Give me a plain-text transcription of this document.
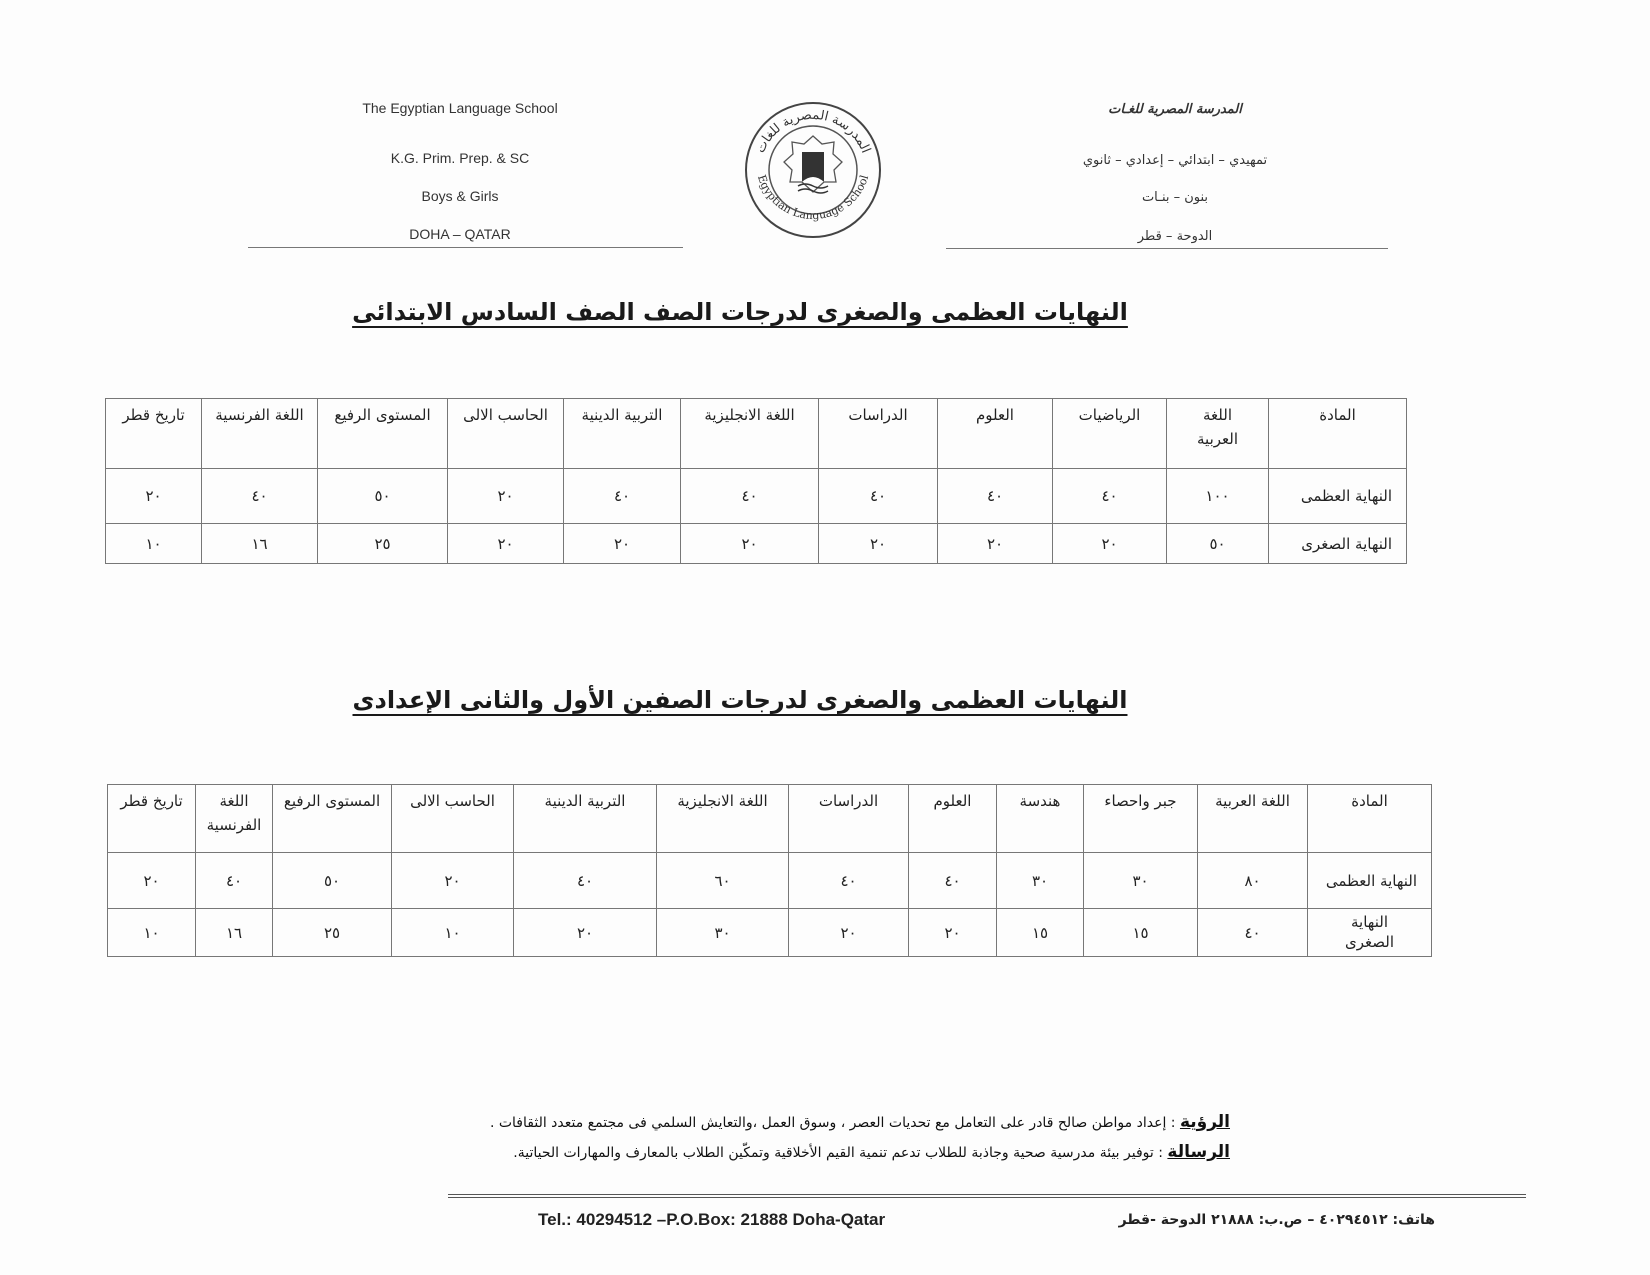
The Egyptian Language School
K.G. Prim. Prep. & SC
Boys & Girls
DOHA – QATAR
المدرسة المصرية للغـات
تمهيدي – ابتدائي – إعدادي – ثانوي
بنون – بنـات
الدوحة – قطر
المدرسة المصرية للغات
Egyptian Language School
النهايات العظمى والصغرى لدرجات الصف الصف السادس الابتدائى
المادة	اللغة العربية	الرياضيات	العلوم	الدراسات	اللغة الانجليزية	التربية الدينية	الحاسب الالى	المستوى الرفيع	اللغة الفرنسية	تاريخ قطر
النهاية العظمى	١٠٠	٤٠	٤٠	٤٠	٤٠	٤٠	٢٠	٥٠	٤٠	٢٠
النهاية الصغرى	٥٠	٢٠	٢٠	٢٠	٢٠	٢٠	٢٠	٢٥	١٦	١٠
النهايات العظمى والصغرى لدرجات الصفين الأول والثانى الإعدادى
المادة	اللغة العربية	جبر واحصاء	هندسة	العلوم	الدراسات	اللغة الانجليزية	التربية الدينية	الحاسب الالى	المستوى الرفيع	اللغة الفرنسية	تاريخ قطر
النهاية العظمى	٨٠	٣٠	٣٠	٤٠	٤٠	٦٠	٤٠	٢٠	٥٠	٤٠	٢٠
النهاية الصغرى	٤٠	١٥	١٥	٢٠	٢٠	٣٠	٢٠	١٠	٢٥	١٦	١٠
الرؤية : إعداد مواطن صالح قادر على التعامل مع تحديات العصر ، وسوق العمل ،والتعايش السلمي فى مجتمع متعدد الثقافات .
الرسالة : توفير بيئة مدرسية صحية وجاذبة للطلاب تدعم تنمية القيم الأخلاقية وتمكّين الطلاب بالمعارف والمهارات الحياتية.
Tel.: 40294512 –P.O.Box: 21888 Doha-Qatar	هاتف: ٤٠٢٩٤٥١٢ – ص.ب: ٢١٨٨٨ الدوحة -قطر
